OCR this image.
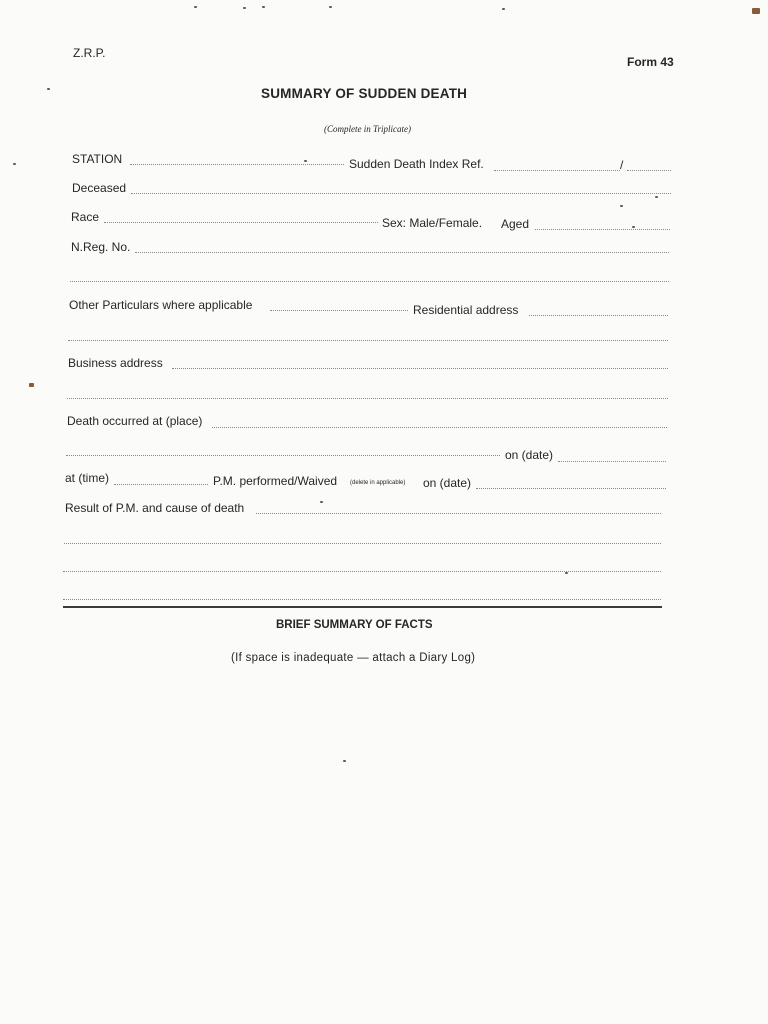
Z.R.P.
Form 43
SUMMARY OF SUDDEN DEATH
(Complete in Triplicate)
STATION	Sudden Death Index Ref.	/
Deceased
Race	Sex: Male/Female. Aged
N.Reg. No.
Other Particulars where applicable	Residential address
Business address
Death occurred at (place)
on (date)
at (time)	P.M. performed/Waived (delete in applicable) on (date)
Result of P.M. and cause of death
BRIEF SUMMARY OF FACTS
(If space is inadequate — attach a Diary Log)
